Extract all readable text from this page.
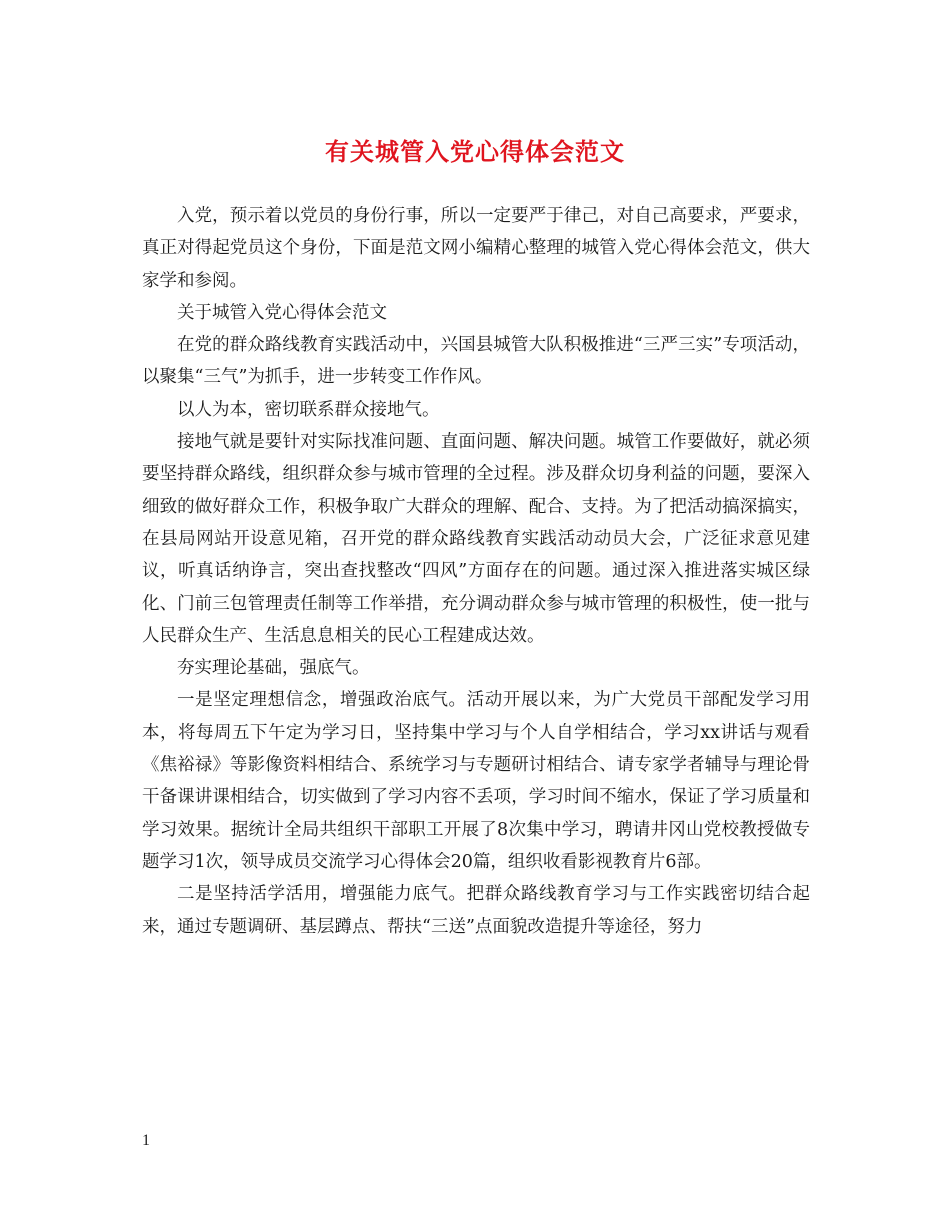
有关城管入党心得体会范文

入党，预示着以党员的身份行事，所以一定要严于律己，对自己高要求，严要求，真正对得起党员这个身份，下面是范文网小编精心整理的城管入党心得体会范文，供大家学和参阅。

关于城管入党心得体会范文

在党的群众路线教育实践活动中，兴国县城管大队积极推进“三严三实”专项活动，以聚集“三气”为抓手，进一步转变工作作风。

以人为本，密切联系群众接地气。

接地气就是要针对实际找准问题、直面问题、解决问题。城管工作要做好，就必须要坚持群众路线，组织群众参与城市管理的全过程。涉及群众切身利益的问题，要深入细致的做好群众工作，积极争取广大群众的理解、配合、支持。为了把活动搞深搞实，在县局网站开设意见箱，召开党的群众路线教育实践活动动员大会，广泛征求意见建议，听真话纳诤言，突出查找整改“四风”方面存在的问题。通过深入推进落实城区绿化、门前三包管理责任制等工作举措，充分调动群众参与城市管理的积极性，使一批与人民群众生产、生活息息相关的民心工程建成达效。

夯实理论基础，强底气。

一是坚定理想信念，增强政治底气。活动开展以来，为广大党员干部配发学习用本，将每周五下午定为学习日，坚持集中学习与个人自学相结合，学习xx讲话与观看《焦裕禄》等影像资料相结合、系统学习与专题研讨相结合、请专家学者辅导与理论骨干备课讲课相结合，切实做到了学习内容不丢项，学习时间不缩水，保证了学习质量和学习效果。据统计全局共组织干部职工开展了8次集中学习，聘请井冈山党校教授做专题学习1次，领导成员交流学习心得体会20篇，组织收看影视教育片6部。

二是坚持活学活用，增强能力底气。把群众路线教育学习与工作实践密切结合起来，通过专题调研、基层蹲点、帮扶“三送”点面貌改造提升等途径，努力

1
